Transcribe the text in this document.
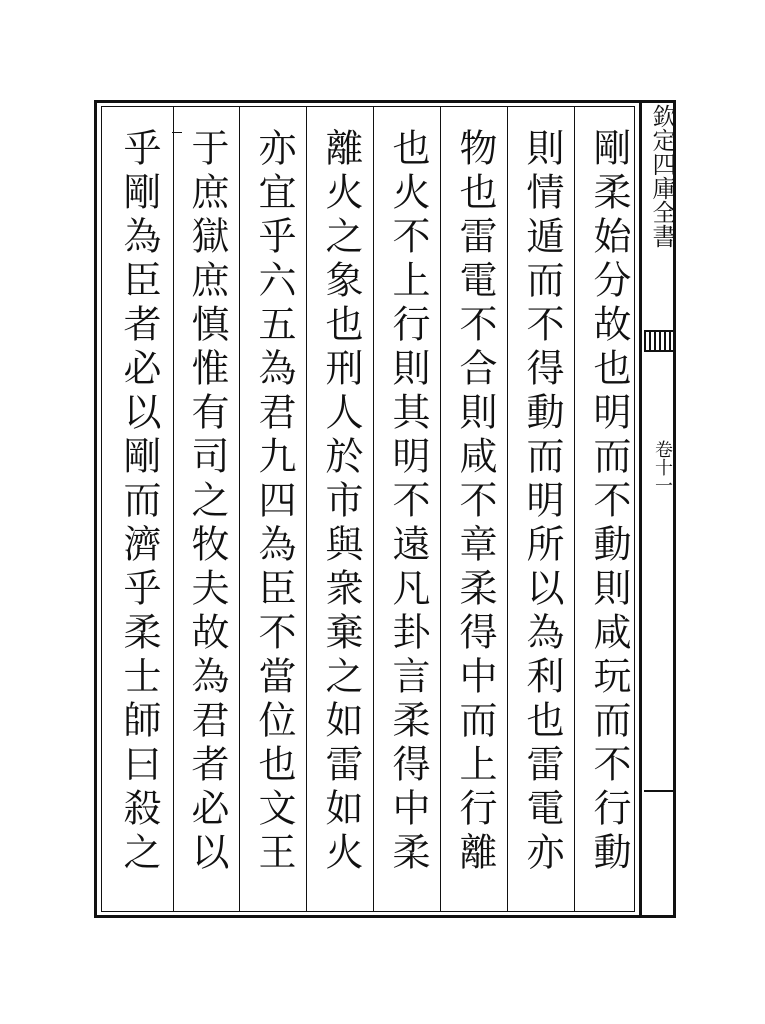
欽定四庫全書
卷十一
剛柔始分故也明而不動則咸玩而不行動
則情遁而不得動而明所以為利也雷電亦
物也雷電不合則咸不章柔得中而上行離
也火不上行則其明不遠凡卦言柔得中柔
離火之象也刑人於市與衆棄之如雷如火
亦宜乎六五為君九四為臣不當位也文王
于庶獄庶慎惟有司之牧夫故為君者必以
乎剛為臣者必以剛而濟乎柔士師曰殺之
